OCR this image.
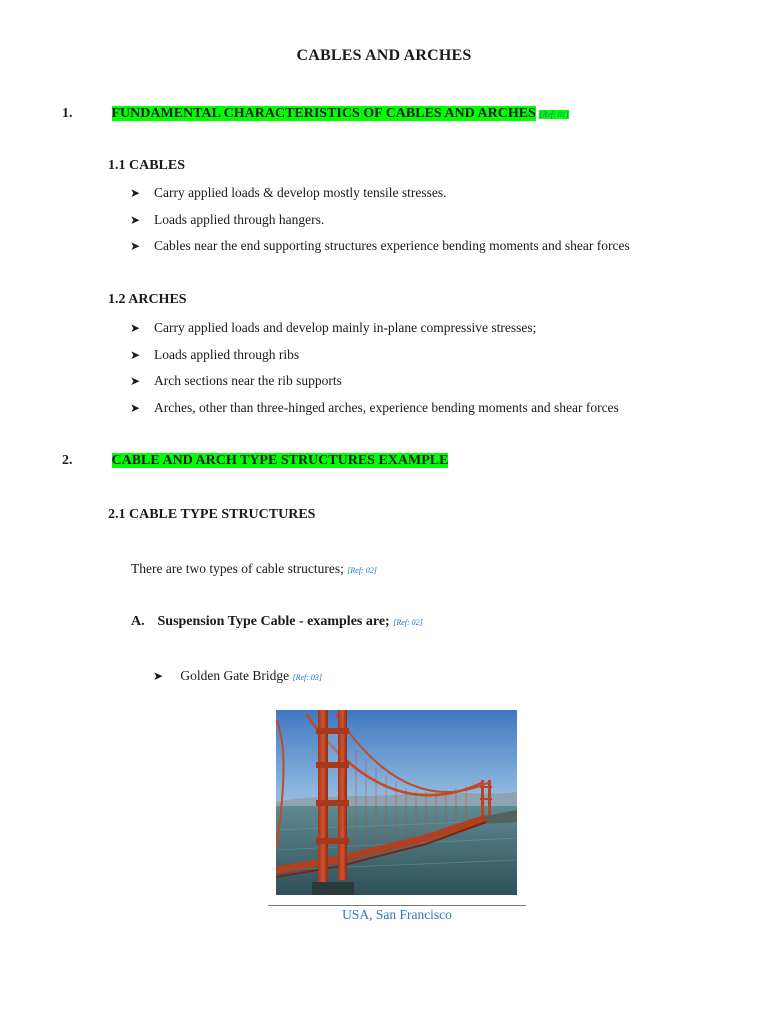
CABLES AND ARCHES
1.	FUNDAMENTAL CHARACTERISTICS OF CABLES AND ARCHES [Ref: 01]
1.1 CABLES
➤	Carry applied loads & develop mostly tensile stresses.
➤	Loads applied through hangers.
➤	Cables near the end supporting structures experience bending moments and shear forces
1.2 ARCHES
➤	Carry applied loads and develop mainly in-plane compressive stresses;
➤	Loads applied through ribs
➤	Arch sections near the rib supports
➤	Arches, other than three-hinged arches, experience bending moments and shear forces
2.	CABLE AND ARCH TYPE STRUCTURES EXAMPLE
2.1 CABLE TYPE STRUCTURES
There are two types of cable structures; [Ref: 02]
A. Suspension Type Cable - examples are; [Ref: 02]
➤ Golden Gate Bridge [Ref: 03]
USA, San Francisco
